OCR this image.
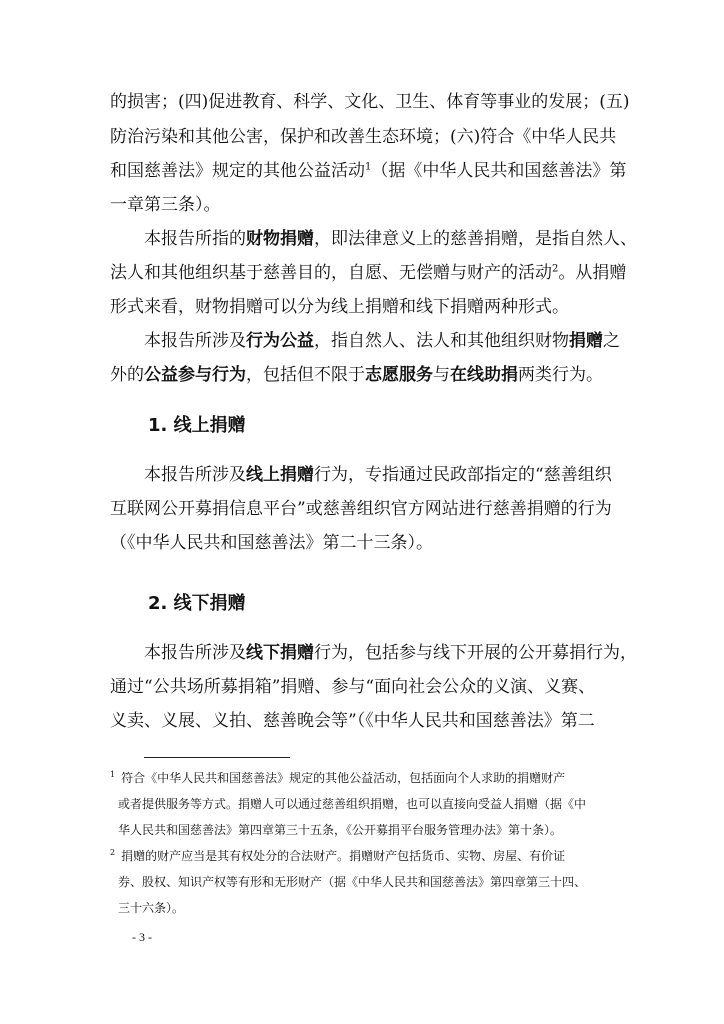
的损害；(四)促进教育、科学、文化、卫生、体育等事业的发展；(五)
防治污染和其他公害，保护和改善生态环境；(六)符合《中华人民共
和国慈善法》规定的其他公益活动$^1$（据《中华人民共和国慈善法》第
一章第三条）。
本报告所指的财物捐赠，即法律意义上的慈善捐赠，是指自然人、
法人和其他组织基于慈善目的，自愿、无偿赠与财产的活动$^2$。从捐赠
形式来看，财物捐赠可以分为线上捐赠和线下捐赠两种形式。
本报告所涉及行为公益，指自然人、法人和其他组织财物捐赠之
外的公益参与行为，包括但不限于志愿服务与在线助捐两类行为。
1. 线上捐赠
本报告所涉及线上捐赠行为，专指通过民政部指定的“慈善组织
互联网公开募捐信息平台”或慈善组织官方网站进行慈善捐赠的行为
（《中华人民共和国慈善法》第二十三条）。
2. 线下捐赠
本报告所涉及线下捐赠行为，包括参与线下开展的公开募捐行为，
通过“公共场所募捐箱”捐赠、参与“面向社会公众的义演、义赛、
义卖、义展、义拍、慈善晚会等”（《中华人民共和国慈善法》第二
$^1$ 符合《中华人民共和国慈善法》规定的其他公益活动，包括面向个人求助的捐赠财产
或者提供服务等方式。捐赠人可以通过慈善组织捐赠，也可以直接向受益人捐赠（据《中
华人民共和国慈善法》第四章第三十五条，《公开募捐平台服务管理办法》第十条）。
$^2$ 捐赠的财产应当是其有权处分的合法财产。捐赠财产包括货币、实物、房屋、有价证
券、股权、知识产权等有形和无形财产（据《中华人民共和国慈善法》第四章第三十四、
三十六条）。
- 3 -
